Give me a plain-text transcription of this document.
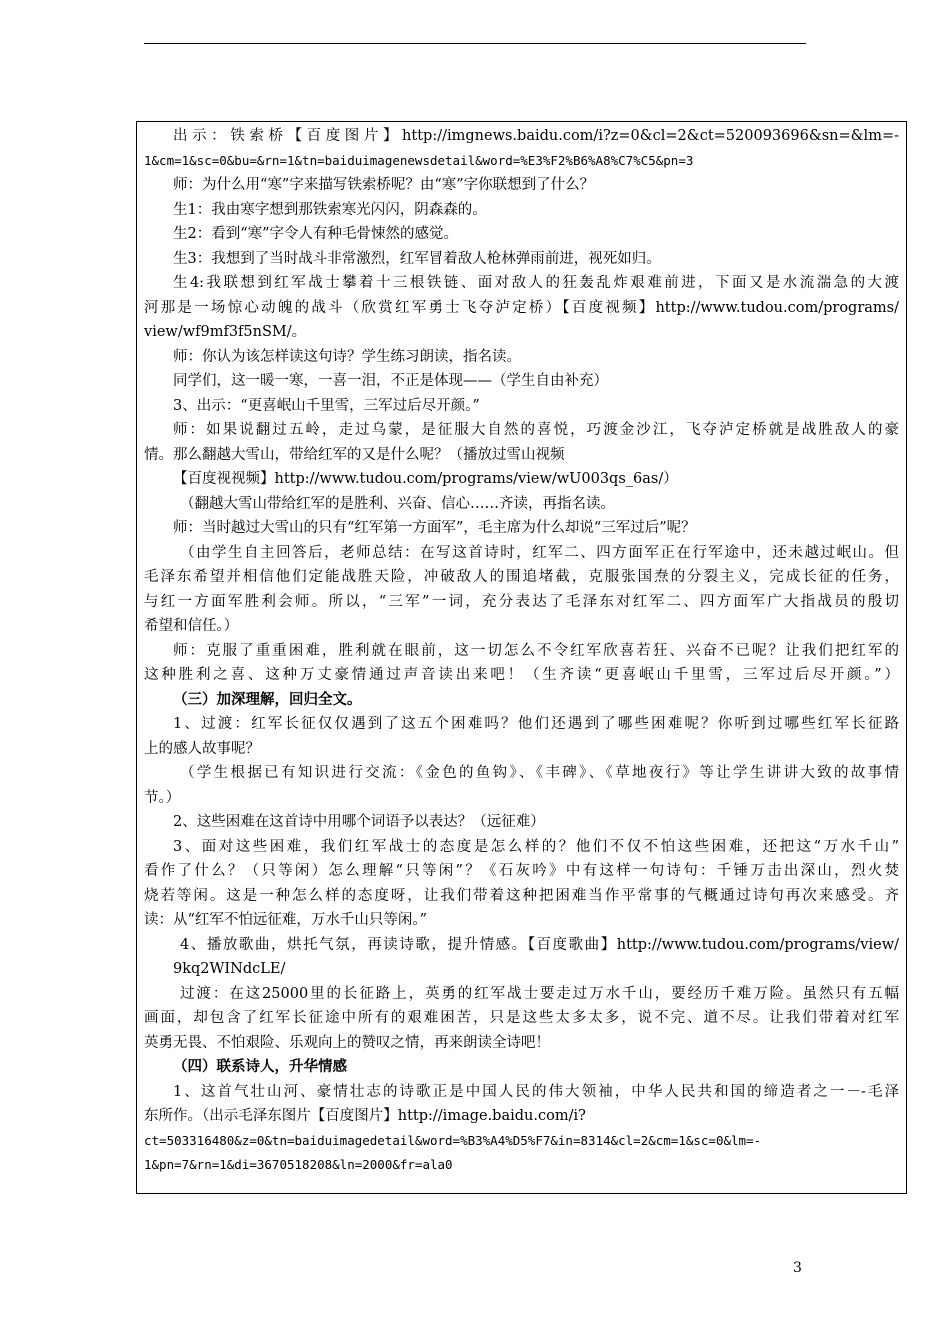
出示：铁索桥【百度图片】http://imgnews.baidu.com/i?z=0&cl=2&ct=520093696&sn=&lm=-
1&cm=1&sc=0&bu=&rn=1&tn=baiduimagenewsdetail&word=%E3%F2%B6%A8%C7%C5&pn=3
师：为什么用“寒”字来描写铁索桥呢？由“寒”字你联想到了什么？
生1：我由寒字想到那铁索寒光闪闪，阴森森的。
生2：看到“寒”字令人有种毛骨悚然的感觉。
生3：我想到了当时战斗非常激烈，红军冒着敌人枪林弹雨前进，视死如归。
生4:我联想到红军战士攀着十三根铁链、面对敌人的狂轰乱炸艰难前进，下面又是水流湍急的大渡
河那是一场惊心动魄的战斗（欣赏红军勇士飞夺泸定桥）【百度视频】http://www.tudou.com/programs/
view/wf9mf3f5nSM/。
师：你认为该怎样读这句诗？学生练习朗读，指名读。
同学们，这一暖一寒，一喜一泪，不正是体现——（学生自由补充）
3、出示：“更喜岷山千里雪，三军过后尽开颜。”
师：如果说翻过五岭，走过乌蒙，是征服大自然的喜悦，巧渡金沙江，飞夺泸定桥就是战胜敌人的豪
情。那么翻越大雪山，带给红军的又是什么呢？（播放过雪山视频
【百度视视频】http://www.tudou.com/programs/view/wU003qs_6as/）
（翻越大雪山带给红军的是胜利、兴奋、信心……齐读，再指名读。
师：当时越过大雪山的只有“红军第一方面军”，毛主席为什么却说“三军过后”呢？
（由学生自主回答后，老师总结：在写这首诗时，红军二、四方面军正在行军途中，还未越过岷山。但
毛泽东希望并相信他们定能战胜天险，冲破敌人的围追堵截，克服张国焘的分裂主义，完成长征的任务，
与红一方面军胜利会师。所以，“三军”一词，充分表达了毛泽东对红军二、四方面军广大指战员的殷切
希望和信任。）
师：克服了重重困难，胜利就在眼前，这一切怎么不令红军欣喜若狂、兴奋不已呢？让我们把红军的
这种胜利之喜、这种万丈豪情通过声音读出来吧！（生齐读“更喜岷山千里雪，三军过后尽开颜。”）
（三）加深理解，回归全文。
1、过渡：红军长征仅仅遇到了这五个困难吗？他们还遇到了哪些困难呢？你听到过哪些红军长征路
上的感人故事呢？
（学生根据已有知识进行交流：《金色的鱼钩》、《丰碑》、《草地夜行》等让学生讲讲大致的故事情
节。）
2、这些困难在这首诗中用哪个词语予以表达？（远征难）
3、面对这些困难，我们红军战士的态度是怎么样的？他们不仅不怕这些困难，还把这“万水千山”
看作了什么？（只等闲）怎么理解“只等闲”？《石灰吟》中有这样一句诗句：千锤万击出深山，烈火焚
烧若等闲。这是一种怎么样的态度呀，让我们带着这种把困难当作平常事的气概通过诗句再次来感受。齐
读：从“红军不怕远征难，万水千山只等闲。”
4、播放歌曲，烘托气氛，再读诗歌，提升情感。【百度歌曲】http://www.tudou.com/programs/view/
9kq2WINdcLE/
过渡：在这25000里的长征路上，英勇的红军战士要走过万水千山，要经历千难万险。虽然只有五幅
画面，却包含了红军长征途中所有的艰难困苦，只是这些太多太多，说不完、道不尽。让我们带着对红军
英勇无畏、不怕艰险、乐观向上的赞叹之情，再来朗读全诗吧！
（四）联系诗人，升华情感
1、这首气壮山河、豪情壮志的诗歌正是中国人民的伟大领袖，中华人民共和国的缔造者之一－-毛泽
东所作。（出示毛泽东图片【百度图片】http://image.baidu.com/i?
ct=503316480&z=0&tn=baiduimagedetail&word=%B3%A4%D5%F7&in=8314&cl=2&cm=1&sc=0&lm=-
1&pn=7&rn=1&di=3670518208&ln=2000&fr=ala0
3
